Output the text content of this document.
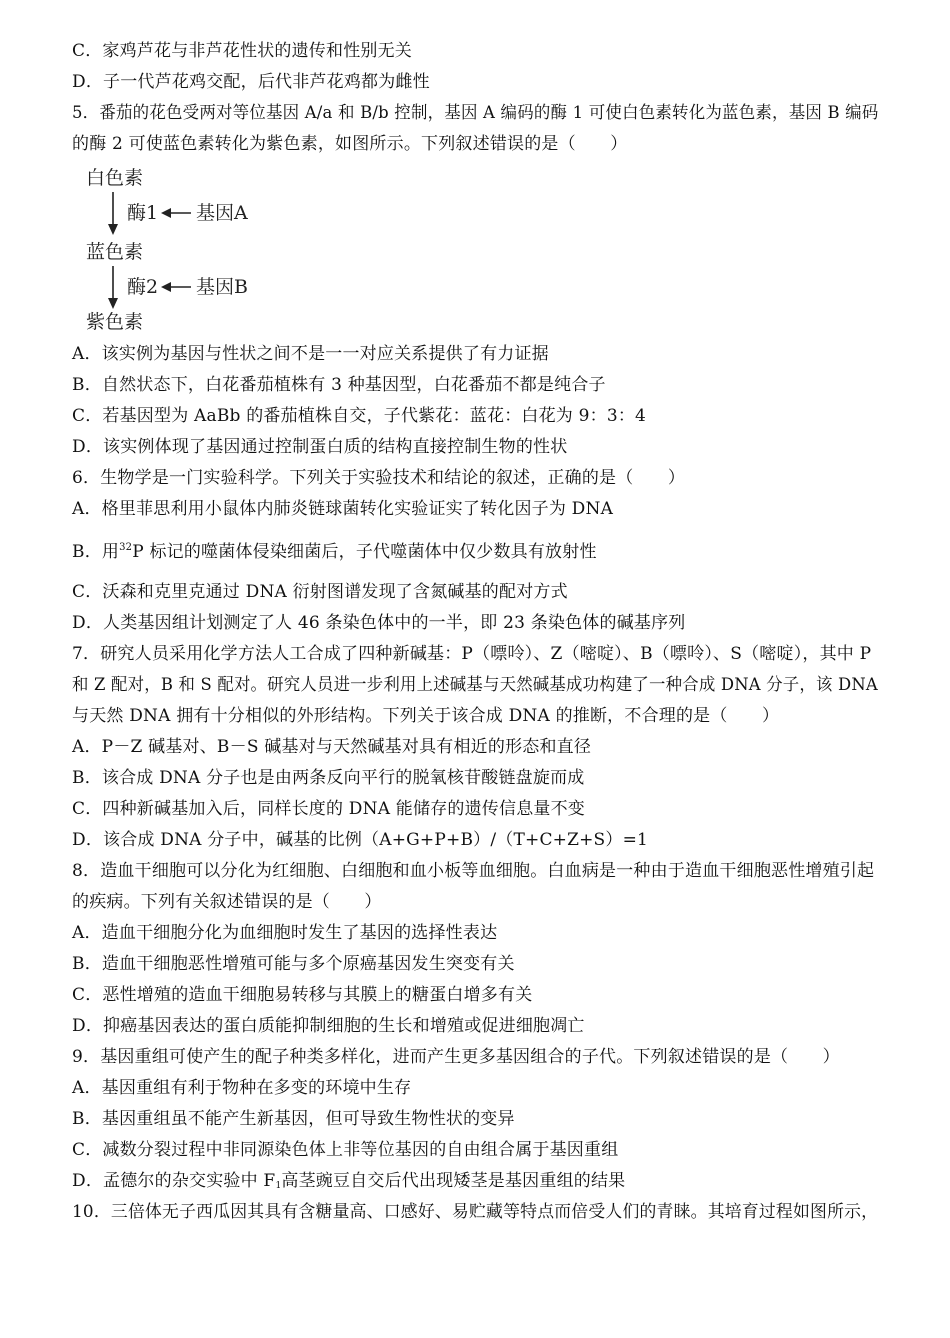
C．家鸡芦花与非芦花性状的遗传和性别无关
D．子一代芦花鸡交配，后代非芦花鸡都为雌性
5．番茄的花色受两对等位基因 A/a 和 B/b 控制，基因 A 编码的酶 1 可使白色素转化为蓝色素，基因 B 编码
的酶 2 可使蓝色素转化为紫色素，如图所示。下列叙述错误的是（　　）
白色素
酶1 基因A
蓝色素
酶2 基因B
紫色素
A．该实例为基因与性状之间不是一一对应关系提供了有力证据
B．自然状态下，白花番茄植株有 3 种基因型，白花番茄不都是纯合子
C．若基因型为 AaBb 的番茄植株自交，子代紫花：蓝花：白花为 9：3：4
D．该实例体现了基因通过控制蛋白质的结构直接控制生物的性状
6．生物学是一门实验科学。下列关于实验技术和结论的叙述，正确的是（　　）
A．格里菲思利用小鼠体内肺炎链球菌转化实验证实了转化因子为 DNA
B．用$^{32}$P 标记的噬菌体侵染细菌后，子代噬菌体中仅少数具有放射性
C．沃森和克里克通过 DNA 衍射图谱发现了含氮碱基的配对方式
D．人类基因组计划测定了人 46 条染色体中的一半，即 23 条染色体的碱基序列
7．研究人员采用化学方法人工合成了四种新碱基：P（嘌呤）、Z（嘧啶）、B（嘌呤）、S（嘧啶），其中 P
和 Z 配对，B 和 S 配对。研究人员进一步利用上述碱基与天然碱基成功构建了一种合成 DNA 分子，该 DNA
与天然 DNA 拥有十分相似的外形结构。下列关于该合成 DNA 的推断，不合理的是（　　）
A．P－Z 碱基对、B－S 碱基对与天然碱基对具有相近的形态和直径
B．该合成 DNA 分子也是由两条反向平行的脱氧核苷酸链盘旋而成
C．四种新碱基加入后，同样长度的 DNA 能储存的遗传信息量不变
D．该合成 DNA 分子中，碱基的比例（A+G+P+B）/（T+C+Z+S）=1
8．造血干细胞可以分化为红细胞、白细胞和血小板等血细胞。白血病是一种由于造血干细胞恶性增殖引起
的疾病。下列有关叙述错误的是（　　）
A．造血干细胞分化为血细胞时发生了基因的选择性表达
B．造血干细胞恶性增殖可能与多个原癌基因发生突变有关
C．恶性增殖的造血干细胞易转移与其膜上的糖蛋白增多有关
D．抑癌基因表达的蛋白质能抑制细胞的生长和增殖或促进细胞凋亡
9．基因重组可使产生的配子种类多样化，进而产生更多基因组合的子代。下列叙述错误的是（　　）
A．基因重组有利于物种在多变的环境中生存
B．基因重组虽不能产生新基因，但可导致生物性状的变异
C．减数分裂过程中非同源染色体上非等位基因的自由组合属于基因重组
D．孟德尔的杂交实验中 $F_1$高茎豌豆自交后代出现矮茎是基因重组的结果
10．三倍体无子西瓜因其具有含糖量高、口感好、易贮藏等特点而倍受人们的青睐。其培育过程如图所示，
